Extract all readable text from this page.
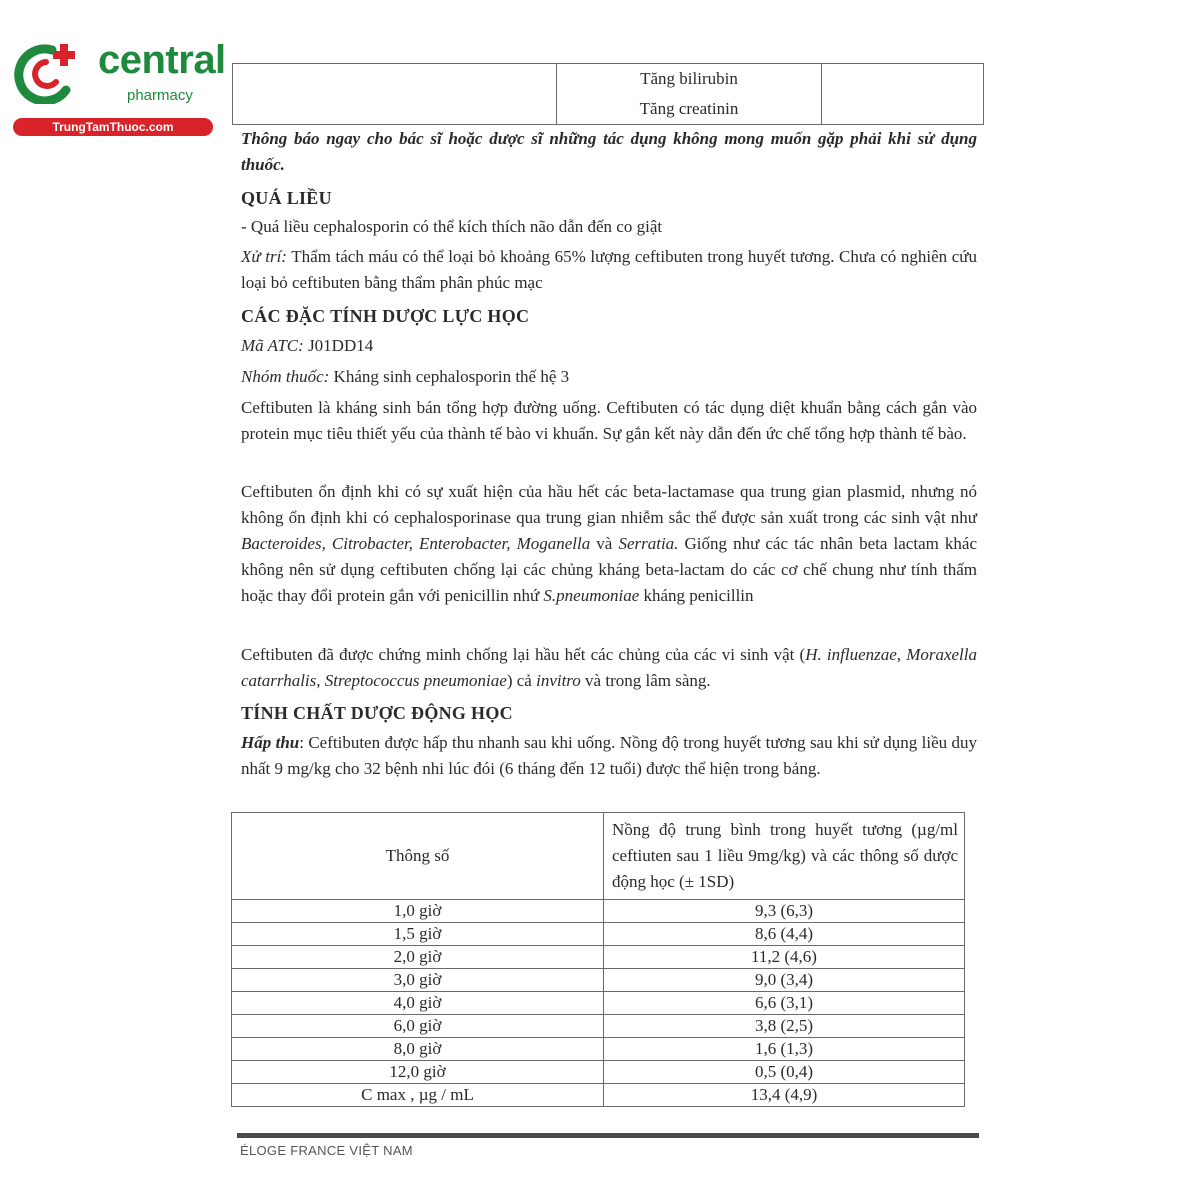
central
pharmacy
TrungTamThuoc.com

Tăng bilirubin
Tăng creatinin

Thông báo ngay cho bác sĩ hoặc dược sĩ những tác dụng không mong muốn gặp phải khi sử dụng thuốc.
QUÁ LIỀU
- Quá liều cephalosporin có thể kích thích não dẫn đến co giật
Xử trí: Thẩm tách máu có thể loại bỏ khoảng 65% lượng ceftibuten trong huyết tương. Chưa có nghiên cứu loại bỏ ceftibuten bằng thẩm phân phúc mạc
CÁC ĐẶC TÍNH DƯỢC LỰC HỌC
Mã ATC: J01DD14
Nhóm thuốc: Kháng sinh cephalosporin thế hệ 3
Ceftibuten là kháng sinh bán tổng hợp đường uống. Ceftibuten có tác dụng diệt khuẩn bằng cách gắn vào protein mục tiêu thiết yếu của thành tế bào vi khuẩn. Sự gắn kết này dẫn đến ức chế tổng hợp thành tế bào.
Ceftibuten ổn định khi có sự xuất hiện của hầu hết các beta-lactamase qua trung gian plasmid, nhưng nó không ổn định khi có cephalosporinase qua trung gian nhiễm sắc thể được sản xuất trong các sinh vật như Bacteroides, Citrobacter, Enterobacter, Moganella và Serratia. Giống như các tác nhân beta lactam khác không nên sử dụng ceftibuten chống lại các chủng kháng beta-lactam do các cơ chế chung như tính thấm hoặc thay đổi protein gắn với penicillin nhứ S.pneumoniae kháng penicillin
Ceftibuten đã được chứng minh chống lại hầu hết các chủng của các vi sinh vật (H. influenzae, Moraxella catarrhalis, Streptococcus pneumoniae) cả invitro và trong lâm sàng.
TÍNH CHẤT DƯỢC ĐỘNG HỌC
Hấp thu: Ceftibuten được hấp thu nhanh sau khi uống. Nồng độ trong huyết tương sau khi sử dụng liều duy nhất 9 mg/kg cho 32 bệnh nhi lúc đói (6 tháng đến 12 tuổi) được thể hiện trong bảng.
Thông số	Nồng độ trung bình trong huyết tương (µg/ml ceftiuten sau 1 liều 9mg/kg) và các thông số dược động học (± 1SD)
1,0 giờ	9,3 (6,3)
1,5 giờ	8,6 (4,4)
2,0 giờ	11,2 (4,6)
3,0 giờ	9,0 (3,4)
4,0 giờ	6,6 (3,1)
6,0 giờ	3,8 (2,5)
8,0 giờ	1,6 (1,3)
12,0 giờ	0,5 (0,4)
C max , µg / mL	13,4 (4,9)
ÉLOGE FRANCE VIỆT NAM
